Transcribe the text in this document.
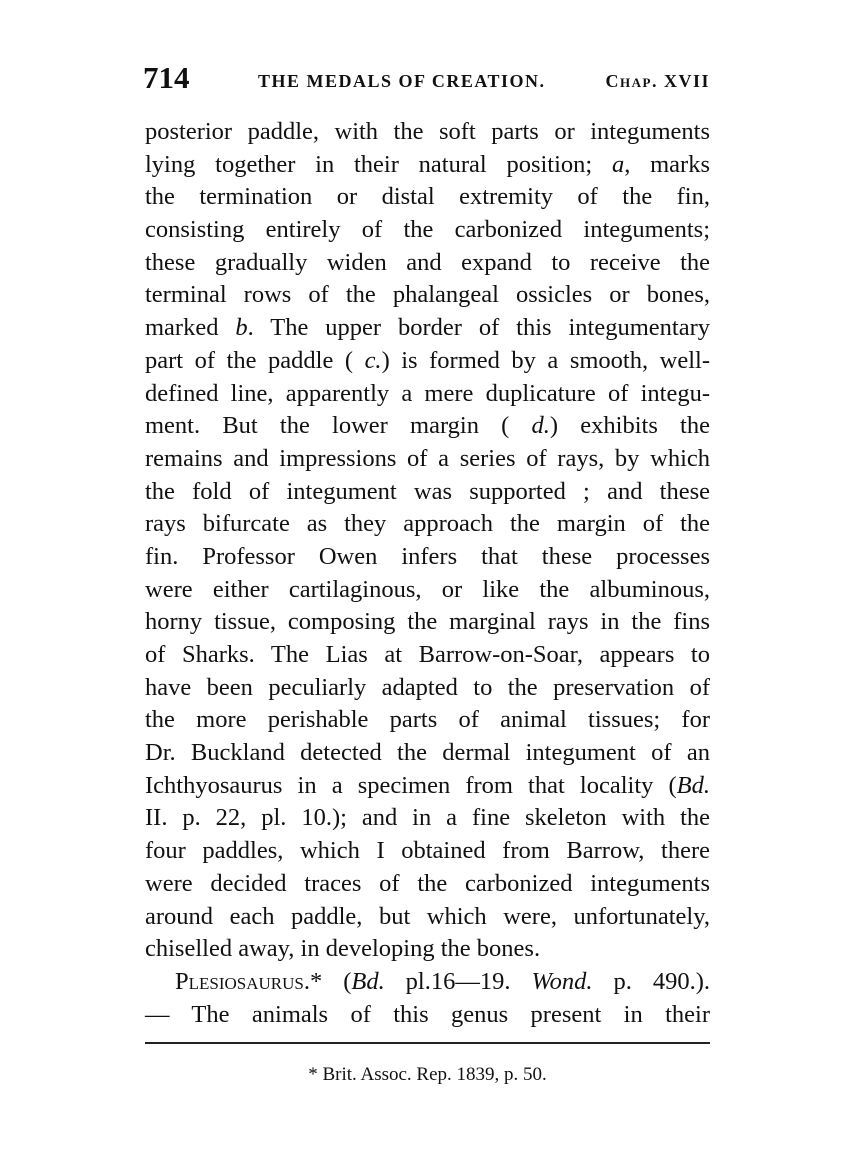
714	THE MEDALS OF CREATION.	Chap. XVII
posterior paddle, with the soft parts or integuments
lying together in their natural position; a, marks
the termination or distal extremity of the fin,
consisting entirely of the carbonized integuments;
these gradually widen and expand to receive the
terminal rows of the phalangeal ossicles or bones,
marked b. The upper border of this integumentary
part of the paddle ( c.) is formed by a smooth, well-
defined line, apparently a mere duplicature of integu-
ment. But the lower margin ( d.) exhibits the
remains and impressions of a series of rays, by which
the fold of integument was supported ; and these
rays bifurcate as they approach the margin of the
fin. Professor Owen infers that these processes
were either cartilaginous, or like the albuminous,
horny tissue, composing the marginal rays in the fins
of Sharks. The Lias at Barrow-on-Soar, appears to
have been peculiarly adapted to the preservation of
the more perishable parts of animal tissues; for
Dr. Buckland detected the dermal integument of an
Ichthyosaurus in a specimen from that locality (Bd.
II. p. 22, pl. 10.); and in a fine skeleton with the
four paddles, which I obtained from Barrow, there
were decided traces of the carbonized integuments
around each paddle, but which were, unfortunately,
chiselled away, in developing the bones.
Plesiosaurus.* (Bd. pl.16—19. Wond. p. 490.).
— The animals of this genus present in their
* Brit. Assoc. Rep. 1839, p. 50.
